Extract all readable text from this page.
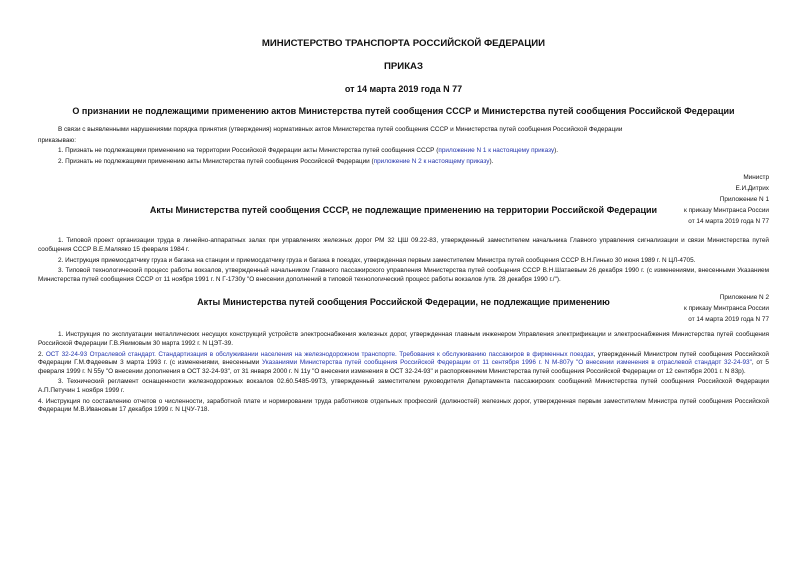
МИНИСТЕРСТВО ТРАНСПОРТА РОССИЙСКОЙ ФЕДЕРАЦИИ
ПРИКАЗ
от 14 марта 2019 года N 77
О признании не подлежащими применению актов Министерства путей сообщения СССР и Министерства путей сообщения Российской Федерации

В связи с выявленными нарушениями порядка принятия (утверждения) нормативных актов Министерства путей сообщения СССР и Министерства путей сообщения Российской Федерации

приказываю:

1. Признать не подлежащими применению на территории Российской Федерации акты Министерства путей сообщения СССР (приложение N 1 к настоящему приказу).

2. Признать не подлежащими применению акты Министерства путей сообщения Российской Федерации (приложение N 2 к настоящему приказу).

Министр
Е.И.Дитрих
Приложение N 1
к приказу Минтранса России
от 14 марта 2019 года N 77
Акты Министерства путей сообщения СССР, не подлежащие применению на территории Российской Федерации

1. Типовой проект организации труда в линейно-аппаратных залах при управлениях железных дорог РМ 32 ЦШ 09.22-83, утвержденный заместителем начальника Главного управления сигнализации и связи Министерства путей сообщения СССР В.Е.Маляяко 15 февраля 1984 г.

2. Инструкция приемосдатчику груза и багажа на станции и приемосдатчику груза и багажа в поездах, утвержденная первым заместителем Министра путей сообщения СССР В.Н.Гинько 30 июня 1989 г. N ЦЛ-4705.

3. Типовой технологический процесс работы вокзалов, утвержденный начальником Главного пассажирского управления Министерства путей сообщения СССР В.Н.Шатаевым 26 декабря 1990 г. (с изменениями, внесенными Указанием Министерства путей сообщения СССР от 11 ноября 1991 г. N Г-1730у "О внесении дополнений в типовой технологический процесс работы вокзалов /утв. 28 декабря 1990 г./").

Приложение N 2
к приказу Минтранса России
от 14 марта 2019 года N 77
Акты Министерства путей сообщения Российской Федерации, не подлежащие применению

1. Инструкция по эксплуатации металлических несущих конструкций устройств электроснабжения железных дорог, утвержденная главным инженером Управления электрификации и электроснабжения Министерства путей сообщения Российской Федерации Г.В.Якимовым 30 марта 1992 г. N ЦЭТ-39.

2. ОСТ 32-24-93 Отраслевой стандарт. Стандартизация в обслуживании населения на железнодорожном транспорте. Требования к обслуживанию пассажиров в фирменных поездах, утвержденный Министром путей сообщения Российской Федерации Г.М.Фадеевым 3 марта 1993 г. (с изменениями, внесенными Указаниями Министерства путей сообщения Российской Федерации от 11 сентября 1996 г. N М-807у "О внесении изменения в отраслевой стандарт 32-24-93", от 5 февраля 1999 г. N 55у "О внесении дополнения в ОСТ 32-24-93", от 31 января 2000 г. N 11у "О внесении изменения в ОСТ 32-24-93" и распоряжением Министерства путей сообщения Российской Федерации от 12 сентября 2001 г. N 83р).

3. Технический регламент оснащенности железнодорожных вокзалов 02.60.5485-99ТЗ, утвержденный заместителем руководителя Департамента пассажирских сообщений Министерства путей сообщения Российской Федерации А.П.Петучин 1 ноября 1999 г.

4. Инструкция по составлению отчетов о численности, заработной плате и нормировании труда работников отдельных профессий (должностей) железных дорог, утвержденная первым заместителем Министра путей сообщения Российской Федерации М.В.Ивановым 17 декабря 1999 г. N ЦЧУ-718.
